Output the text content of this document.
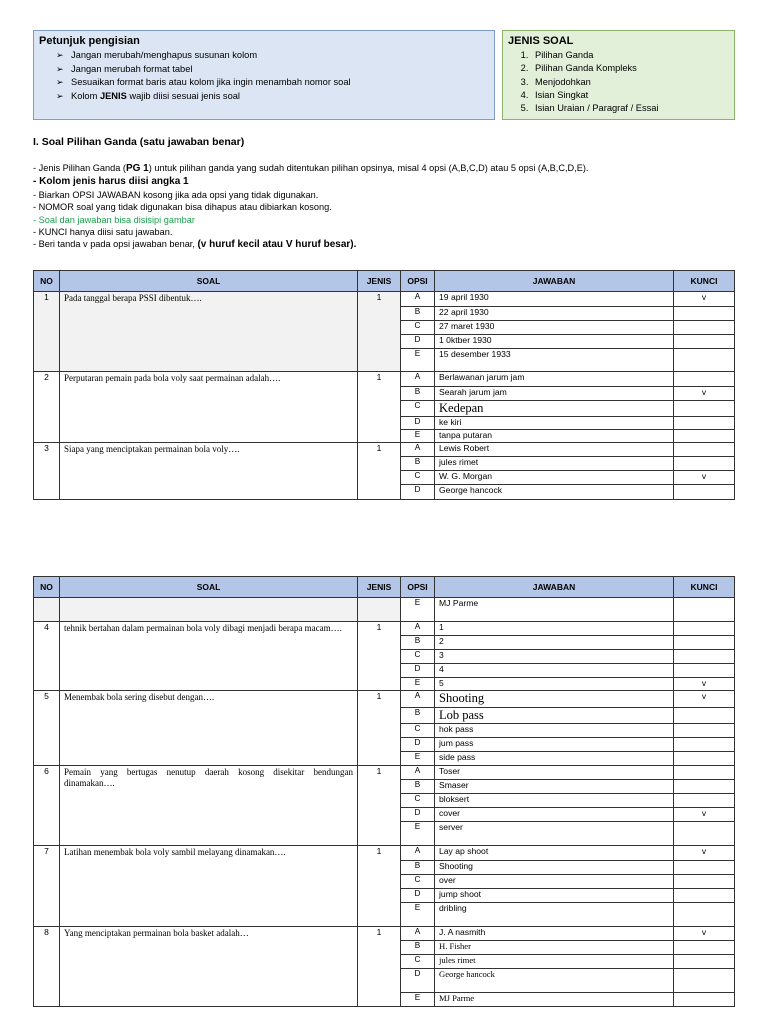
Petunjuk pengisian
➢ Jangan merubah/menghapus susunan kolom
➢ Jangan merubah format tabel
➢ Sesuaikan format baris atau kolom jika ingin menambah nomor soal
➢ Kolom JENIS wajib diisi sesuai jenis soal
JENIS SOAL
1. Pilihan Ganda
2. Pilihan Ganda Kompleks
3. Menjodohkan
4. Isian Singkat
5. Isian Uraian / Paragraf / Essai
I. Soal Pilihan Ganda (satu jawaban benar)
- Jenis Pilihan Ganda (PG 1) untuk pilihan ganda yang sudah ditentukan pilihan opsinya, misal 4 opsi (A,B,C,D) atau 5 opsi (A,B,C,D,E).
- Kolom jenis harus diisi angka 1
- Biarkan OPSI JAWABAN kosong jika ada opsi yang tidak digunakan.
- NOMOR soal yang tidak digunakan bisa dihapus atau dibiarkan kosong.
- Soal dan jawaban bisa disisipi gambar
- KUNCI hanya diisi satu jawaban.
- Beri tanda v pada opsi jawaban benar, (v huruf kecil atau V huruf besar).
NO	SOAL	JENIS	OPSI	JAWABAN	KUNCI
1	Pada tanggal berapa PSSI dibentuk….	1	A	19 april 1930	v
			B	22 april 1930	
			C	27 maret 1930	
			D	1 0ktber 1930	
			E	15 desember 1933	
2	Perputaran pemain pada bola voly saat permainan adalah….	1	A	Berlawanan jarum jam	
			B	Searah jarum jam	v
			C	Kedepan	
			D	ke kiri	
			E	tanpa putaran	
3	Siapa yang menciptakan permainan bola voly….	1	A	Lewis Robert	
			B	jules rimet	
			C	W. G. Morgan	v
			D	George hancock	
NO	SOAL	JENIS	OPSI	JAWABAN	KUNCI
			E	MJ Parme	
4	tehnik bertahan dalam permainan bola voly dibagi menjadi berapa macam….	1	A	1	
			B	2	
			C	3	
			D	4	
			E	5	v
5	Menembak bola sering disebut dengan….	1	A	Shooting	v
			B	Lob pass	
			C	hok pass	
			D	jum pass	
			E	side pass	
6	Pemain yang bertugas nenutup daerah kosong disekitar bendungan dinamakan….	1	A	Toser	
			B	Smaser	
			C	bloksert	
			D	cover	v
			E	server	
7	Latihan menembak bola voly sambil melayang dinamakan….	1	A	Lay ap shoot	v
			B	Shooting	
			C	over	
			D	jump shoot	
			E	dribling	
8	Yang menciptakan permainan bola basket adalah…	1	A	J. A nasmith	v
			B	H. Fisher	
			C	jules rimet	
			D	George hancock	
			E	MJ Parme	
